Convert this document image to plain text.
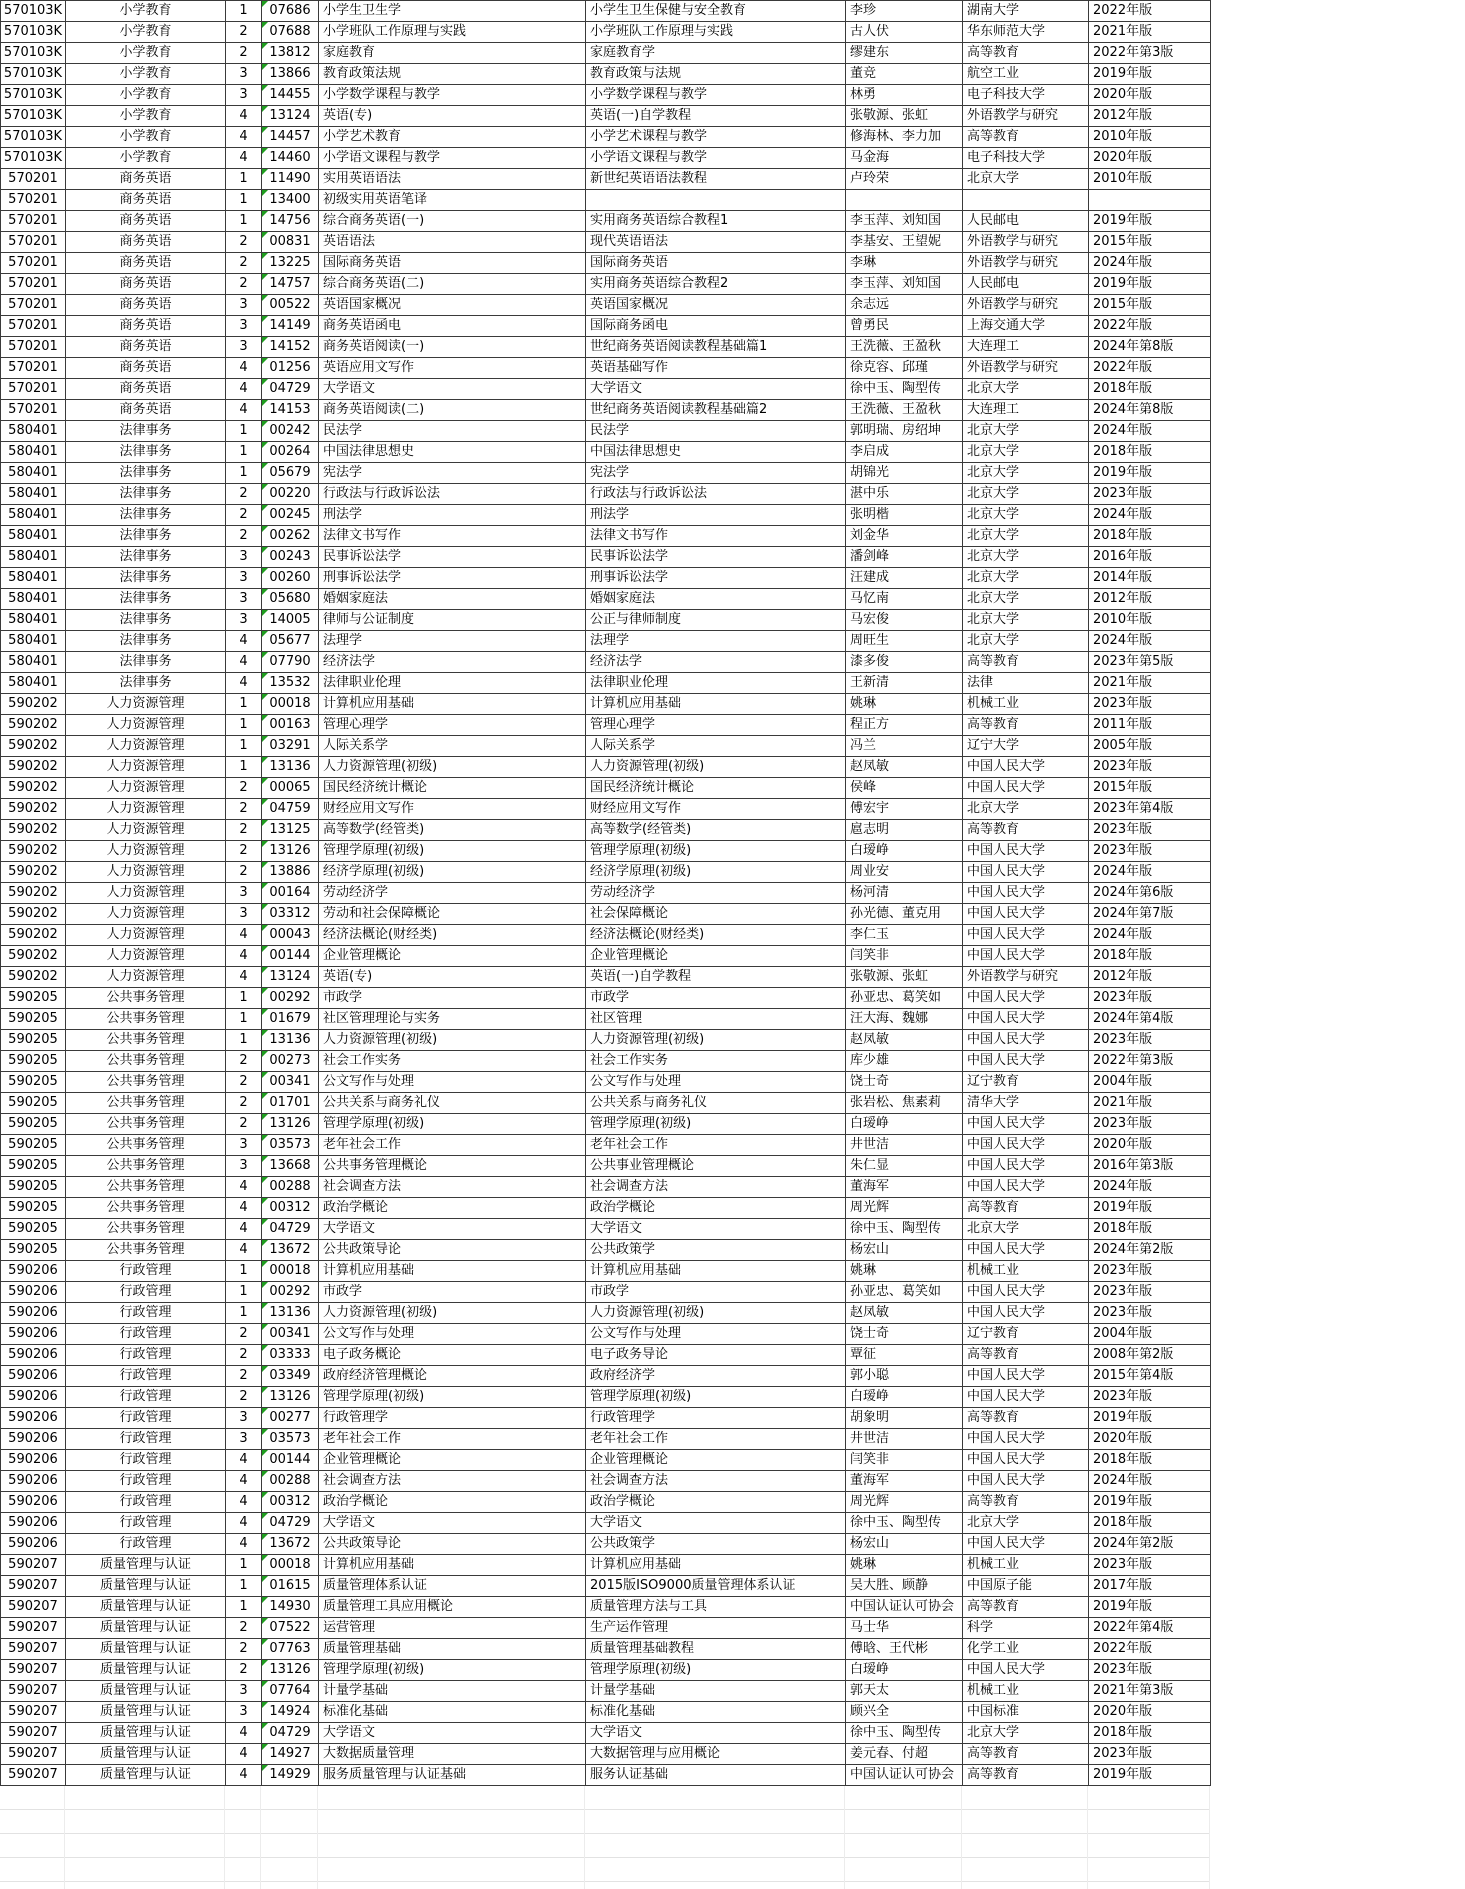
570103K	小学教育	1	07686	小学生卫生学	小学生卫生保健与安全教育	李珍	湖南大学	2022年版
570103K	小学教育	2	07688	小学班队工作原理与实践	小学班队工作原理与实践	古人伏	华东师范大学	2021年版
570103K	小学教育	2	13812	家庭教育	家庭教育学	缪建东	高等教育	2022年第3版
570103K	小学教育	3	13866	教育政策法规	教育政策与法规	董竞	航空工业	2019年版
570103K	小学教育	3	14455	小学数学课程与教学	小学数学课程与教学	林勇	电子科技大学	2020年版
570103K	小学教育	4	13124	英语(专)	英语(一)自学教程	张敬源、张虹	外语教学与研究	2012年版
570103K	小学教育	4	14457	小学艺术教育	小学艺术课程与教学	修海林、李力加	高等教育	2010年版
570103K	小学教育	4	14460	小学语文课程与教学	小学语文课程与教学	马金海	电子科技大学	2020年版
570201	商务英语	1	11490	实用英语语法	新世纪英语语法教程	卢玲荣	北京大学	2010年版
570201	商务英语	1	13400	初级实用英语笔译				
570201	商务英语	1	14756	综合商务英语(一)	实用商务英语综合教程1	李玉萍、刘知国	人民邮电	2019年版
570201	商务英语	2	00831	英语语法	现代英语语法	李基安、王望妮	外语教学与研究	2015年版
570201	商务英语	2	13225	国际商务英语	国际商务英语	李琳	外语教学与研究	2024年版
570201	商务英语	2	14757	综合商务英语(二)	实用商务英语综合教程2	李玉萍、刘知国	人民邮电	2019年版
570201	商务英语	3	00522	英语国家概况	英语国家概况	余志远	外语教学与研究	2015年版
570201	商务英语	3	14149	商务英语函电	国际商务函电	曾勇民	上海交通大学	2022年版
570201	商务英语	3	14152	商务英语阅读(一)	世纪商务英语阅读教程基础篇1	王洗薇、王盈秋	大连理工	2024年第8版
570201	商务英语	4	01256	英语应用文写作	英语基础写作	徐克容、邱瑾	外语教学与研究	2022年版
570201	商务英语	4	04729	大学语文	大学语文	徐中玉、陶型传	北京大学	2018年版
570201	商务英语	4	14153	商务英语阅读(二)	世纪商务英语阅读教程基础篇2	王洗薇、王盈秋	大连理工	2024年第8版
580401	法律事务	1	00242	民法学	民法学	郭明瑞、房绍坤	北京大学	2024年版
580401	法律事务	1	00264	中国法律思想史	中国法律思想史	李启成	北京大学	2018年版
580401	法律事务	1	05679	宪法学	宪法学	胡锦光	北京大学	2019年版
580401	法律事务	2	00220	行政法与行政诉讼法	行政法与行政诉讼法	湛中乐	北京大学	2023年版
580401	法律事务	2	00245	刑法学	刑法学	张明楷	北京大学	2024年版
580401	法律事务	2	00262	法律文书写作	法律文书写作	刘金华	北京大学	2018年版
580401	法律事务	3	00243	民事诉讼法学	民事诉讼法学	潘剑峰	北京大学	2016年版
580401	法律事务	3	00260	刑事诉讼法学	刑事诉讼法学	汪建成	北京大学	2014年版
580401	法律事务	3	05680	婚姻家庭法	婚姻家庭法	马忆南	北京大学	2012年版
580401	法律事务	3	14005	律师与公证制度	公正与律师制度	马宏俊	北京大学	2010年版
580401	法律事务	4	05677	法理学	法理学	周旺生	北京大学	2024年版
580401	法律事务	4	07790	经济法学	经济法学	漆多俊	高等教育	2023年第5版
580401	法律事务	4	13532	法律职业伦理	法律职业伦理	王新清	法律	2021年版
590202	人力资源管理	1	00018	计算机应用基础	计算机应用基础	姚琳	机械工业	2023年版
590202	人力资源管理	1	00163	管理心理学	管理心理学	程正方	高等教育	2011年版
590202	人力资源管理	1	03291	人际关系学	人际关系学	冯兰	辽宁大学	2005年版
590202	人力资源管理	1	13136	人力资源管理(初级)	人力资源管理(初级)	赵凤敏	中国人民大学	2023年版
590202	人力资源管理	2	00065	国民经济统计概论	国民经济统计概论	侯峰	中国人民大学	2015年版
590202	人力资源管理	2	04759	财经应用文写作	财经应用文写作	傅宏宇	北京大学	2023年第4版
590202	人力资源管理	2	13125	高等数学(经管类)	高等数学(经管类)	扈志明	高等教育	2023年版
590202	人力资源管理	2	13126	管理学原理(初级)	管理学原理(初级)	白瑷峥	中国人民大学	2023年版
590202	人力资源管理	2	13886	经济学原理(初级)	经济学原理(初级)	周业安	中国人民大学	2024年版
590202	人力资源管理	3	00164	劳动经济学	劳动经济学	杨河清	中国人民大学	2024年第6版
590202	人力资源管理	3	03312	劳动和社会保障概论	社会保障概论	孙光德、董克用	中国人民大学	2024年第7版
590202	人力资源管理	4	00043	经济法概论(财经类)	经济法概论(财经类)	李仁玉	中国人民大学	2024年版
590202	人力资源管理	4	00144	企业管理概论	企业管理概论	闫笑非	中国人民大学	2018年版
590202	人力资源管理	4	13124	英语(专)	英语(一)自学教程	张敬源、张虹	外语教学与研究	2012年版
590205	公共事务管理	1	00292	市政学	市政学	孙亚忠、葛笑如	中国人民大学	2023年版
590205	公共事务管理	1	01679	社区管理理论与实务	社区管理	汪大海、魏娜	中国人民大学	2024年第4版
590205	公共事务管理	1	13136	人力资源管理(初级)	人力资源管理(初级)	赵凤敏	中国人民大学	2023年版
590205	公共事务管理	2	00273	社会工作实务	社会工作实务	库少雄	中国人民大学	2022年第3版
590205	公共事务管理	2	00341	公文写作与处理	公文写作与处理	饶士奇	辽宁教育	2004年版
590205	公共事务管理	2	01701	公共关系与商务礼仪	公共关系与商务礼仪	张岩松、焦素莉	清华大学	2021年版
590205	公共事务管理	2	13126	管理学原理(初级)	管理学原理(初级)	白瑷峥	中国人民大学	2023年版
590205	公共事务管理	3	03573	老年社会工作	老年社会工作	井世洁	中国人民大学	2020年版
590205	公共事务管理	3	13668	公共事务管理概论	公共事业管理概论	朱仁显	中国人民大学	2016年第3版
590205	公共事务管理	4	00288	社会调查方法	社会调查方法	董海军	中国人民大学	2024年版
590205	公共事务管理	4	00312	政治学概论	政治学概论	周光辉	高等教育	2019年版
590205	公共事务管理	4	04729	大学语文	大学语文	徐中玉、陶型传	北京大学	2018年版
590205	公共事务管理	4	13672	公共政策导论	公共政策学	杨宏山	中国人民大学	2024年第2版
590206	行政管理	1	00018	计算机应用基础	计算机应用基础	姚琳	机械工业	2023年版
590206	行政管理	1	00292	市政学	市政学	孙亚忠、葛笑如	中国人民大学	2023年版
590206	行政管理	1	13136	人力资源管理(初级)	人力资源管理(初级)	赵凤敏	中国人民大学	2023年版
590206	行政管理	2	00341	公文写作与处理	公文写作与处理	饶士奇	辽宁教育	2004年版
590206	行政管理	2	03333	电子政务概论	电子政务导论	覃征	高等教育	2008年第2版
590206	行政管理	2	03349	政府经济管理概论	政府经济学	郭小聪	中国人民大学	2015年第4版
590206	行政管理	2	13126	管理学原理(初级)	管理学原理(初级)	白瑷峥	中国人民大学	2023年版
590206	行政管理	3	00277	行政管理学	行政管理学	胡象明	高等教育	2019年版
590206	行政管理	3	03573	老年社会工作	老年社会工作	井世洁	中国人民大学	2020年版
590206	行政管理	4	00144	企业管理概论	企业管理概论	闫笑非	中国人民大学	2018年版
590206	行政管理	4	00288	社会调查方法	社会调查方法	董海军	中国人民大学	2024年版
590206	行政管理	4	00312	政治学概论	政治学概论	周光辉	高等教育	2019年版
590206	行政管理	4	04729	大学语文	大学语文	徐中玉、陶型传	北京大学	2018年版
590206	行政管理	4	13672	公共政策导论	公共政策学	杨宏山	中国人民大学	2024年第2版
590207	质量管理与认证	1	00018	计算机应用基础	计算机应用基础	姚琳	机械工业	2023年版
590207	质量管理与认证	1	01615	质量管理体系认证	2015版ISO9000质量管理体系认证	吴大胜、顾静	中国原子能	2017年版
590207	质量管理与认证	1	14930	质量管理工具应用概论	质量管理方法与工具	中国认证认可协会	高等教育	2019年版
590207	质量管理与认证	2	07522	运营管理	生产运作管理	马士华	科学	2022年第4版
590207	质量管理与认证	2	07763	质量管理基础	质量管理基础教程	傅晗、王代彬	化学工业	2022年版
590207	质量管理与认证	2	13126	管理学原理(初级)	管理学原理(初级)	白瑷峥	中国人民大学	2023年版
590207	质量管理与认证	3	07764	计量学基础	计量学基础	郭天太	机械工业	2021年第3版
590207	质量管理与认证	3	14924	标准化基础	标准化基础	顾兴全	中国标准	2020年版
590207	质量管理与认证	4	04729	大学语文	大学语文	徐中玉、陶型传	北京大学	2018年版
590207	质量管理与认证	4	14927	大数据质量管理	大数据管理与应用概论	姜元春、付超	高等教育	2023年版
590207	质量管理与认证	4	14929	服务质量管理与认证基础	服务认证基础	中国认证认可协会	高等教育	2019年版
